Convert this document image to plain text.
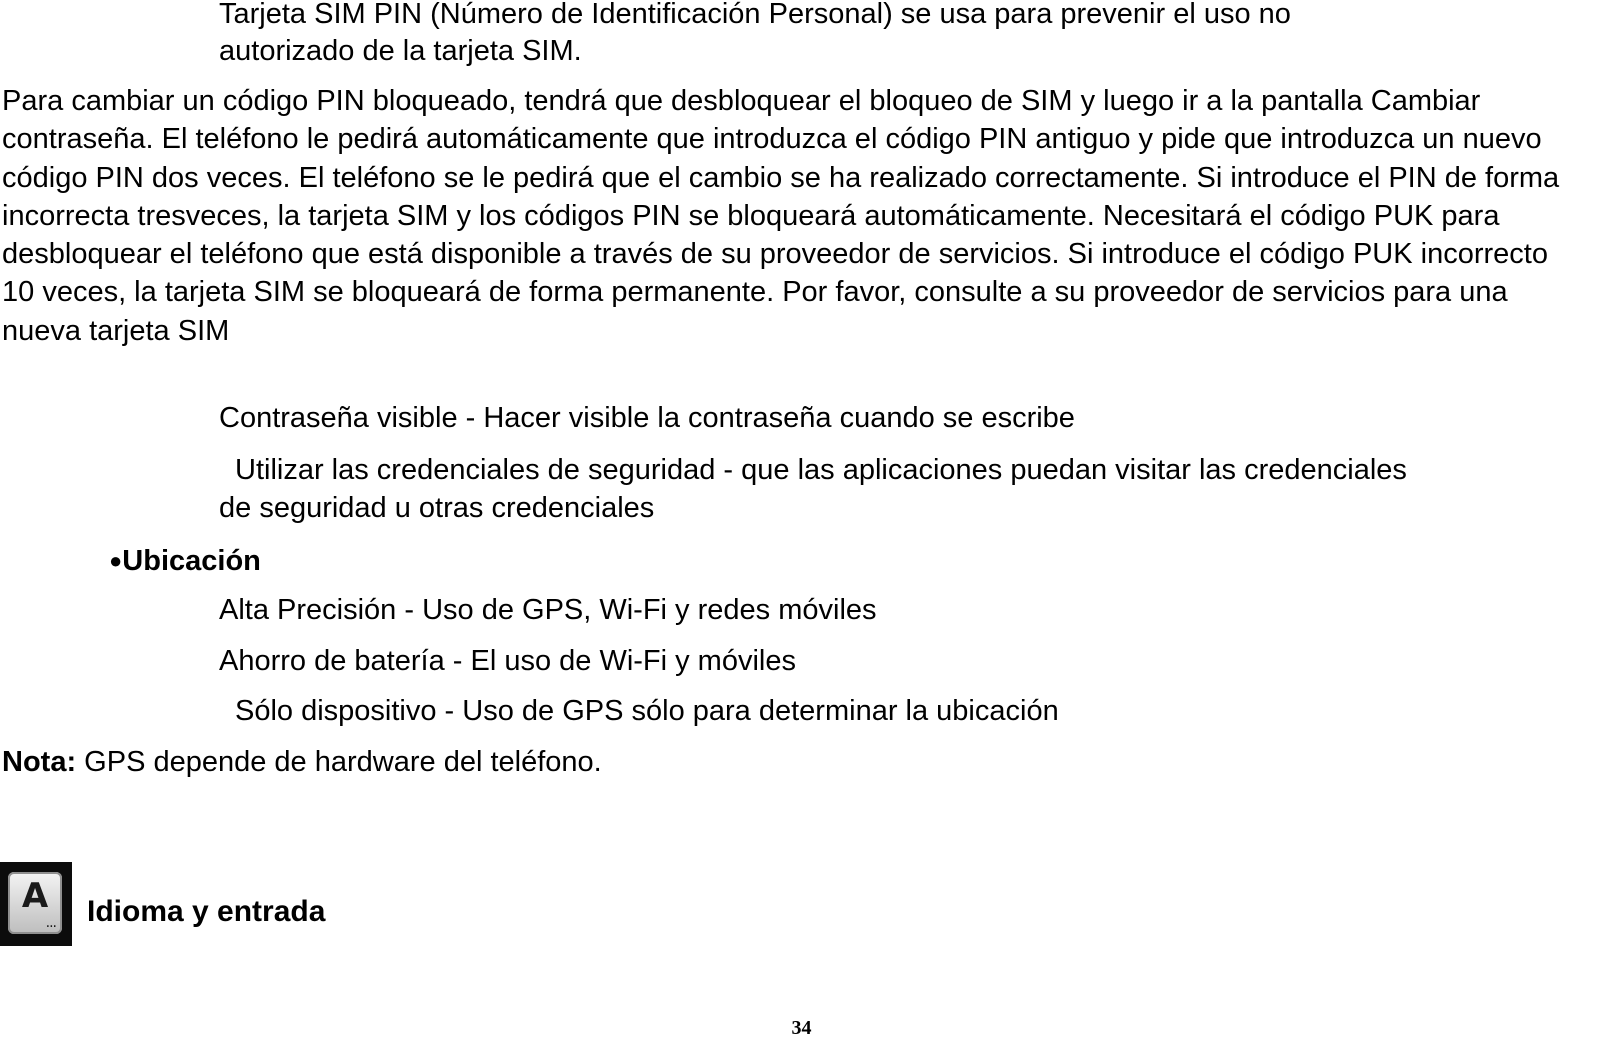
Tarjeta SIM PIN (Número de Identificación Personal) se usa para prevenir el uso no

autorizado de la tarjeta SIM.

Para cambiar un código PIN bloqueado, tendrá que desbloquear el bloqueo de SIM y luego ir a la pantalla Cambiar contraseña. El teléfono le pedirá automáticamente que introduzca el código PIN antiguo y pide que introduzca un nuevo código PIN dos veces. El teléfono se le pedirá que el cambio se ha realizado correctamente. Si introduce el PIN de forma incorrecta tresveces, la tarjeta SIM y los códigos PIN se bloqueará automáticamente. Necesitará el código PUK para desbloquear el teléfono que está disponible a través de su proveedor de servicios. Si introduce el código PUK incorrecto 10 veces, la tarjeta SIM se bloqueará de forma permanente. Por favor, consulte a su proveedor de servicios para una nueva tarjeta SIM

Contraseña visible - Hacer visible la contraseña cuando se escribe

Utilizar las credenciales de seguridad - que las aplicaciones puedan visitar las credenciales

de seguridad u otras credenciales

●Ubicación

Alta Precisión - Uso de GPS, Wi-Fi y redes móviles

Ahorro de batería - El uso de Wi-Fi y móviles

Sólo dispositivo - Uso de GPS sólo para determinar la ubicación

Nota: GPS depende de hardware del teléfono.

A
... Idioma y entrada
34
